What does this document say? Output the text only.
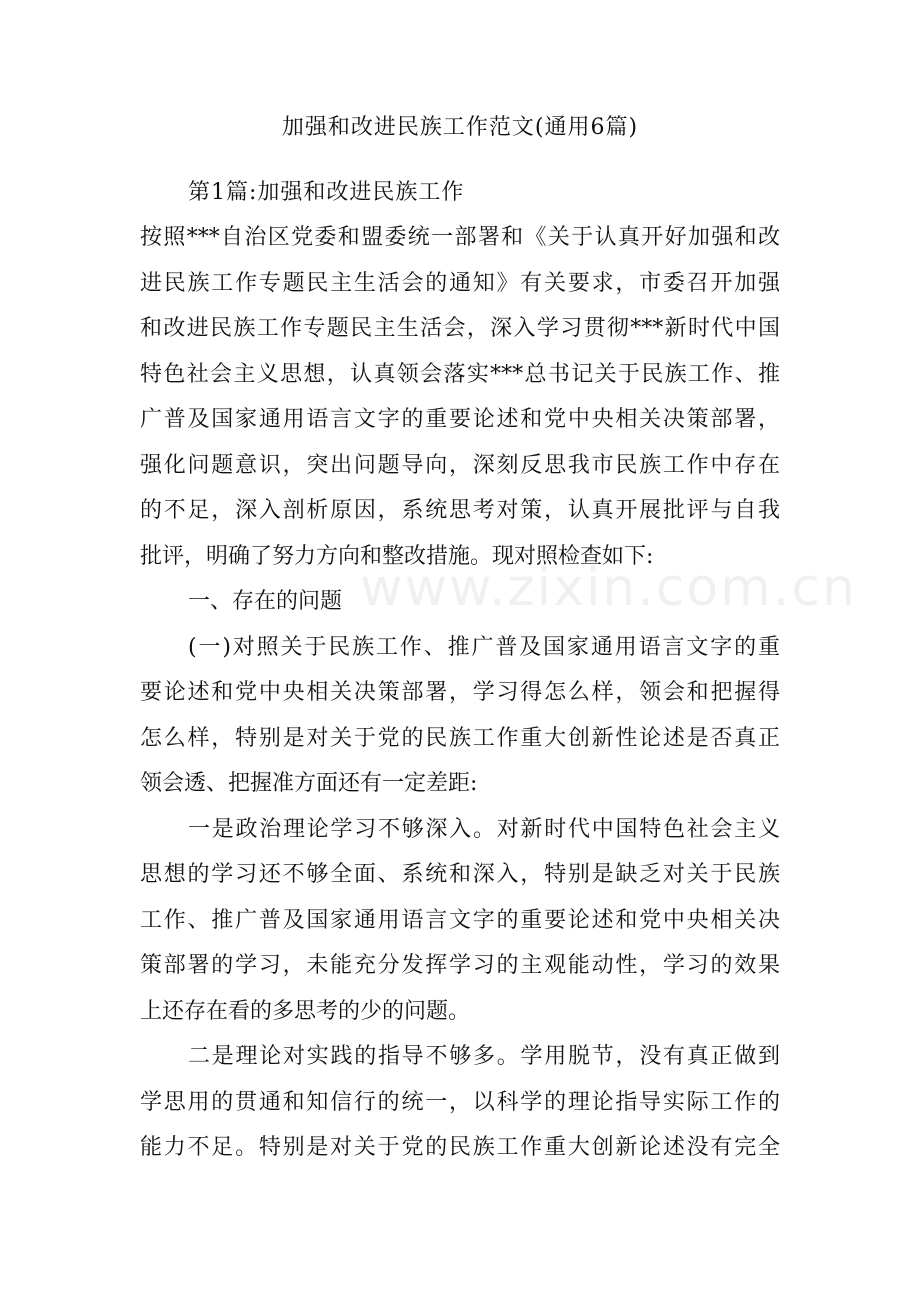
www.zixin.com.cn
加强和改进民族工作范文(通用6篇)
第1篇:加强和改进民族工作
按照***自治区党委和盟委统一部署和《关于认真开好加强和改
进民族工作专题民主生活会的通知》有关要求，市委召开加强
和改进民族工作专题民主生活会，深入学习贯彻***新时代中国
特色社会主义思想，认真领会落实***总书记关于民族工作、推
广普及国家通用语言文字的重要论述和党中央相关决策部署，
强化问题意识，突出问题导向，深刻反思我市民族工作中存在
的不足，深入剖析原因，系统思考对策，认真开展批评与自我
批评，明确了努力方向和整改措施。现对照检查如下:
一、存在的问题
(一)对照关于民族工作、推广普及国家通用语言文字的重
要论述和党中央相关决策部署，学习得怎么样，领会和把握得
怎么样，特别是对关于党的民族工作重大创新性论述是否真正
领会透、把握准方面还有一定差距:
一是政治理论学习不够深入。对新时代中国特色社会主义
思想的学习还不够全面、系统和深入，特别是缺乏对关于民族
工作、推广普及国家通用语言文字的重要论述和党中央相关决
策部署的学习，未能充分发挥学习的主观能动性，学习的效果
上还存在看的多思考的少的问题。
二是理论对实践的指导不够多。学用脱节，没有真正做到
学思用的贯通和知信行的统一，以科学的理论指导实际工作的
能力不足。特别是对关于党的民族工作重大创新论述没有完全
